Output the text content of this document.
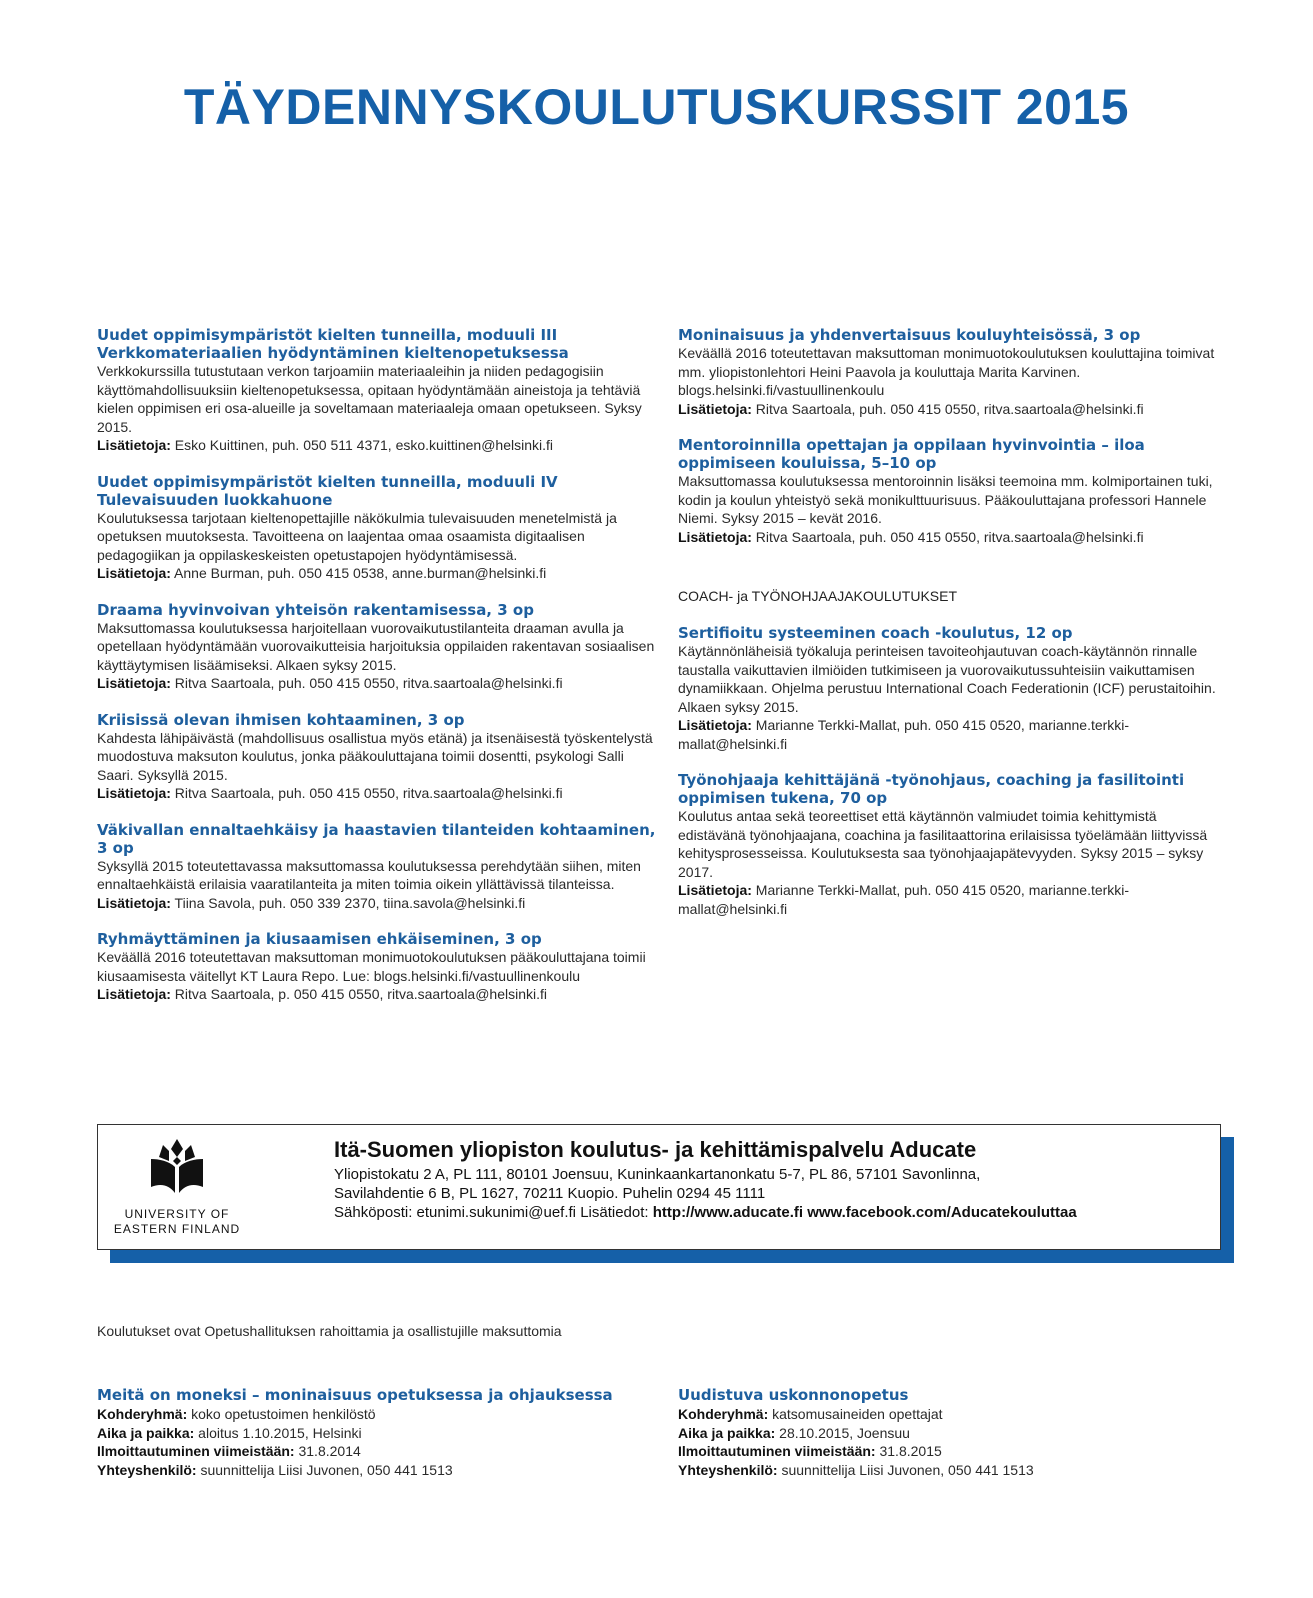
TÄYDENNYSKOULUTUSKURSSIT 2015
Uudet oppimisympäristöt kielten tunneilla, moduuli III Verkkomateriaalien hyödyntäminen kieltenopetuksessa
Verkkokurssilla tutustutaan verkon tarjoamiin materiaaleihin ja niiden pedagogisiin käyttömahdollisuuksiin kieltenopetuksessa, opitaan hyödyntämään aineistoja ja tehtäviä kielen oppimisen eri osa-alueille ja soveltamaan materiaaleja omaan opetukseen. Syksy 2015.
Lisätietoja: Esko Kuittinen, puh. 050 511 4371, esko.kuittinen@helsinki.fi
Uudet oppimisympäristöt kielten tunneilla, moduuli IV Tulevaisuuden luokkahuone
Koulutuksessa tarjotaan kieltenopettajille näkökulmia tulevaisuuden menetelmistä ja opetuksen muutoksesta. Tavoitteena on laajentaa omaa osaamista digitaalisen pedagogiikan ja oppilaskeskeisten opetustapojen hyödyntämisessä.
Lisätietoja: Anne Burman, puh. 050 415 0538, anne.burman@helsinki.fi
Draama hyvinvoivan yhteisön rakentamisessa, 3 op
Maksuttomassa koulutuksessa harjoitellaan vuorovaikutustilanteita draaman avulla ja opetellaan hyödyntämään vuorovaikutteisia harjoituksia oppilaiden rakentavan sosiaalisen käyttäytymisen lisäämiseksi. Alkaen syksy 2015.
Lisätietoja: Ritva Saartoala, puh. 050 415 0550, ritva.saartoala@helsinki.fi
Kriisissä olevan ihmisen kohtaaminen, 3 op
Kahdesta lähipäivästä (mahdollisuus osallistua myös etänä) ja itsenäisestä työskentelystä muodostuva maksuton koulutus, jonka pääkouluttajana toimii dosentti, psykologi Salli Saari. Syksyllä 2015.
Lisätietoja: Ritva Saartoala, puh. 050 415 0550, ritva.saartoala@helsinki.fi
Väkivallan ennaltaehkäisy ja haastavien tilanteiden kohtaaminen, 3 op
Syksyllä 2015 toteutettavassa maksuttomassa koulutuksessa perehdytään siihen, miten ennaltaehkäistä erilaisia vaaratilanteita ja miten toimia oikein yllättävissä tilanteissa.
Lisätietoja: Tiina Savola, puh. 050 339 2370, tiina.savola@helsinki.fi
Ryhmäyttäminen ja kiusaamisen ehkäiseminen, 3 op
Keväällä 2016 toteutettavan maksuttoman monimuotokoulutuksen pääkouluttajana toimii kiusaamisesta väitellyt KT Laura Repo. Lue: blogs.helsinki.fi/vastuullinenkoulu
Lisätietoja: Ritva Saartoala, p. 050 415 0550, ritva.saartoala@helsinki.fi
Moninaisuus ja yhdenvertaisuus kouluyhteisössä, 3 op
Keväällä 2016 toteutettavan maksuttoman monimuotokoulutuksen kouluttajina toimivat mm. yliopistonlehtori Heini Paavola ja kouluttaja Marita Karvinen. blogs.helsinki.fi/vastuullinenkoulu
Lisätietoja: Ritva Saartoala, puh. 050 415 0550, ritva.saartoala@helsinki.fi
Mentoroinnilla opettajan ja oppilaan hyvinvointia – iloa oppimiseen kouluissa, 5–10 op
Maksuttomassa koulutuksessa mentoroinnin lisäksi teemoina mm. kolmiportainen tuki, kodin ja koulun yhteistyö sekä monikulttuurisuus. Pääkouluttajana professori Hannele Niemi. Syksy 2015 – kevät 2016.
Lisätietoja: Ritva Saartoala, puh. 050 415 0550, ritva.saartoala@helsinki.fi
COACH- ja TYÖNOHJAAJAKOULUTUKSET
Sertifioitu systeeminen coach -koulutus, 12 op
Käytännönläheisiä työkaluja perinteisen tavoiteohjautuvan coach-käytännön rinnalle taustalla vaikuttavien ilmiöiden tutkimiseen ja vuorovaikutussuhteisiin vaikuttamisen dynamiikkaan. Ohjelma perustuu International Coach Federationin (ICF) perustaitoihin. Alkaen syksy 2015.
Lisätietoja: Marianne Terkki-Mallat, puh. 050 415 0520, marianne.terkki-mallat@helsinki.fi
Työnohjaaja kehittäjänä -työnohjaus, coaching ja fasilitointi oppimisen tukena, 70 op
Koulutus antaa sekä teoreettiset että käytännön valmiudet toimia kehittymistä edistävänä työnohjaajana, coachina ja fasilitaattorina erilaisissa työelämään liittyvissä kehitysprosesseissa. Koulutuksesta saa työnohjaajapätevyyden. Syksy 2015 – syksy 2017.
Lisätietoja: Marianne Terkki-Mallat, puh. 050 415 0520, marianne.terkki-mallat@helsinki.fi
UNIVERSITY OF
EASTERN FINLAND
Itä-Suomen yliopiston koulutus- ja kehittämispalvelu Aducate
Yliopistokatu 2 A, PL 111, 80101 Joensuu, Kuninkaankartanonkatu 5-7, PL 86, 57101 Savonlinna,
Savilahdentie 6 B, PL 1627, 70211 Kuopio. Puhelin 0294 45 1111
Sähköposti: etunimi.sukunimi@uef.fi Lisätiedot: http://www.aducate.fi www.facebook.com/Aducatekouluttaa
Koulutukset ovat Opetushallituksen rahoittamia ja osallistujille maksuttomia
Meitä on moneksi – moninaisuus opetuksessa ja ohjauksessa
Kohderyhmä: koko opetustoimen henkilöstö
Aika ja paikka: aloitus 1.10.2015, Helsinki
Ilmoittautuminen viimeistään: 31.8.2014
Yhteyshenkilö: suunnittelija Liisi Juvonen, 050 441 1513
Uudistuva uskonnonopetus
Kohderyhmä: katsomusaineiden opettajat
Aika ja paikka: 28.10.2015, Joensuu
Ilmoittautuminen viimeistään: 31.8.2015
Yhteyshenkilö: suunnittelija Liisi Juvonen, 050 441 1513
